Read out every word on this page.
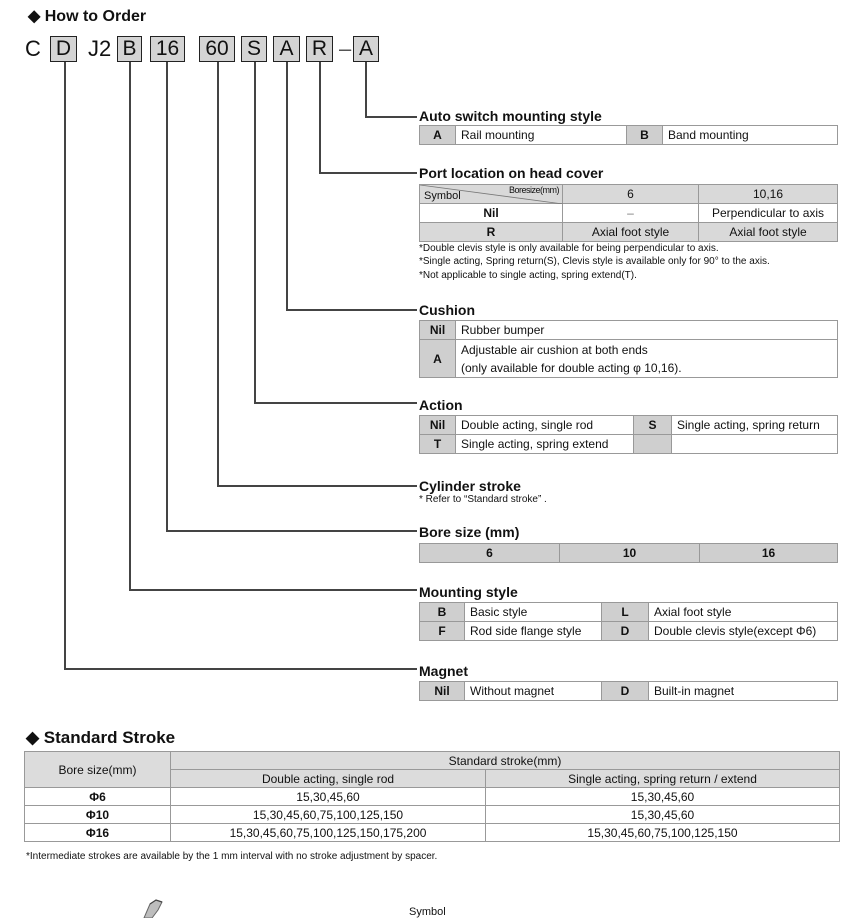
◆ How to Order
C D J2 B 16	60 S A R – A
Auto switch mounting style
A	Rail mounting	B	Band mounting
Port location on head cover
Symbol Boresize(mm)	6	10,16
Nil	–	Perpendicular to axis
R	Axial foot style	Axial foot style
*Double clevis style is only available for being perpendicular to axis.
*Single acting, Spring return(S), Clevis style is available only for 90° to the axis.
*Not applicable to single acting, spring extend(T).
Cushion
Nil	Rubber bumper
A	Adjustable air cushion at both ends
(only available for double acting φ 10,16).
Action
Nil	Double acting, single rod	S	Single acting, spring return
T	Single acting, spring extend		
Cylinder stroke
* Refer to “Standard stroke” .
Bore size (mm)
6	10	16
Mounting style
B	Basic style	L	Axial foot style
F	Rod side flange style	D	Double clevis style(except Φ6)
Magnet
Nil	Without magnet	D	Built-in magnet
◆ Standard Stroke
Bore size(mm)	Standard stroke(mm)	
	Double acting, single rod	Single acting, spring return / extend
Φ6	15,30,45,60	15,30,45,60
Φ10	15,30,45,60,75,100,125,150	15,30,45,60
Φ16	15,30,45,60,75,100,125,150,175,200	15,30,45,60,75,100,125,150
*Intermediate strokes are available by the 1 mm interval with no stroke adjustment by spacer.
Symbol
